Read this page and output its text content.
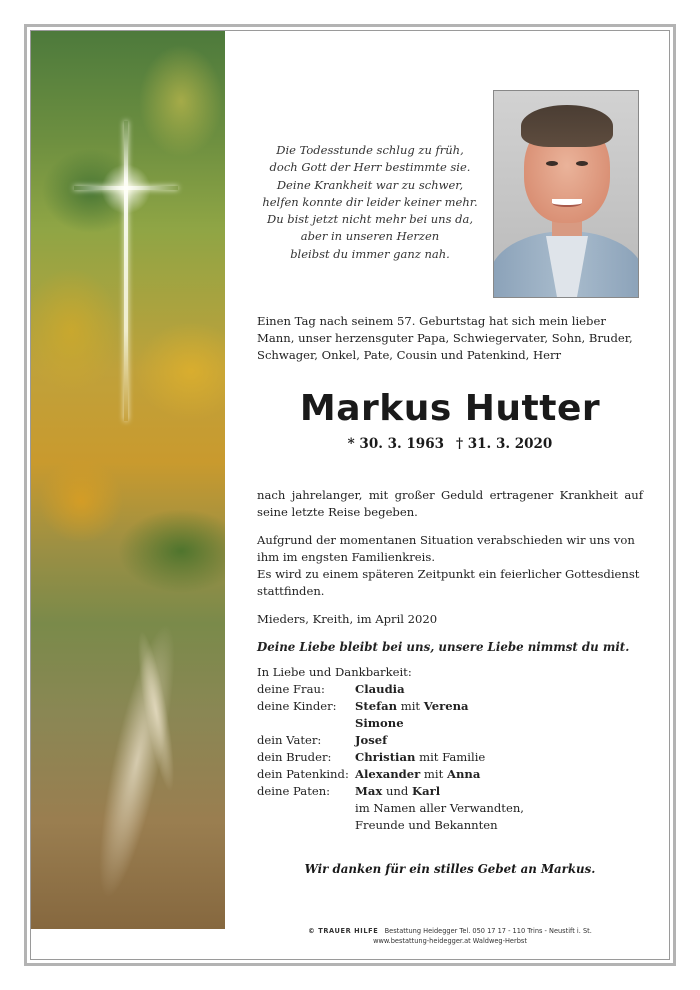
Die Todesstunde schlug zu früh,
doch Gott der Herr bestimmte sie.
Deine Krankheit war zu schwer,
helfen konnte dir leider keiner mehr.
Du bist jetzt nicht mehr bei uns da,
aber in unseren Herzen
bleibst du immer ganz nah.

Einen Tag nach seinem 57. Geburtstag hat sich mein lieber Mann, unser herzensguter Papa, Schwiegervater, Sohn, Bruder, Schwager, Onkel, Pate, Cousin und Patenkind, Herr

Markus Hutter
* 30. 3. 1963 † 31. 3. 2020

nach jahrelanger, mit großer Geduld ertragener Krankheit auf seine letzte Reise begeben.

Aufgrund der momentanen Situation verabschieden wir uns von ihm im engsten Familienkreis.

Es wird zu einem späteren Zeitpunkt ein feierlicher Gottesdienst stattfinden.

Mieders, Kreith, im April 2020

Deine Liebe bleibt bei uns, unsere Liebe nimmst du mit.

In Liebe und Dankbarkeit:

deine Frau:	Claudia
deine Kinder:	Stefan mit Verena
Simone
dein Vater:	Josef
dein Bruder:	Christian mit Familie
dein Patenkind: Alexander mit Anna
deine Paten:	Max und Karl
im Namen aller Verwandten,
Freunde und Bekannten

Wir danken für ein stilles Gebet an Markus.

© TRAUER HILFE Bestattung Heidegger Tel. 050 17 17 - 110 Trins - Neustift i. St.
www.bestattung-heidegger.at Waldweg-Herbst
